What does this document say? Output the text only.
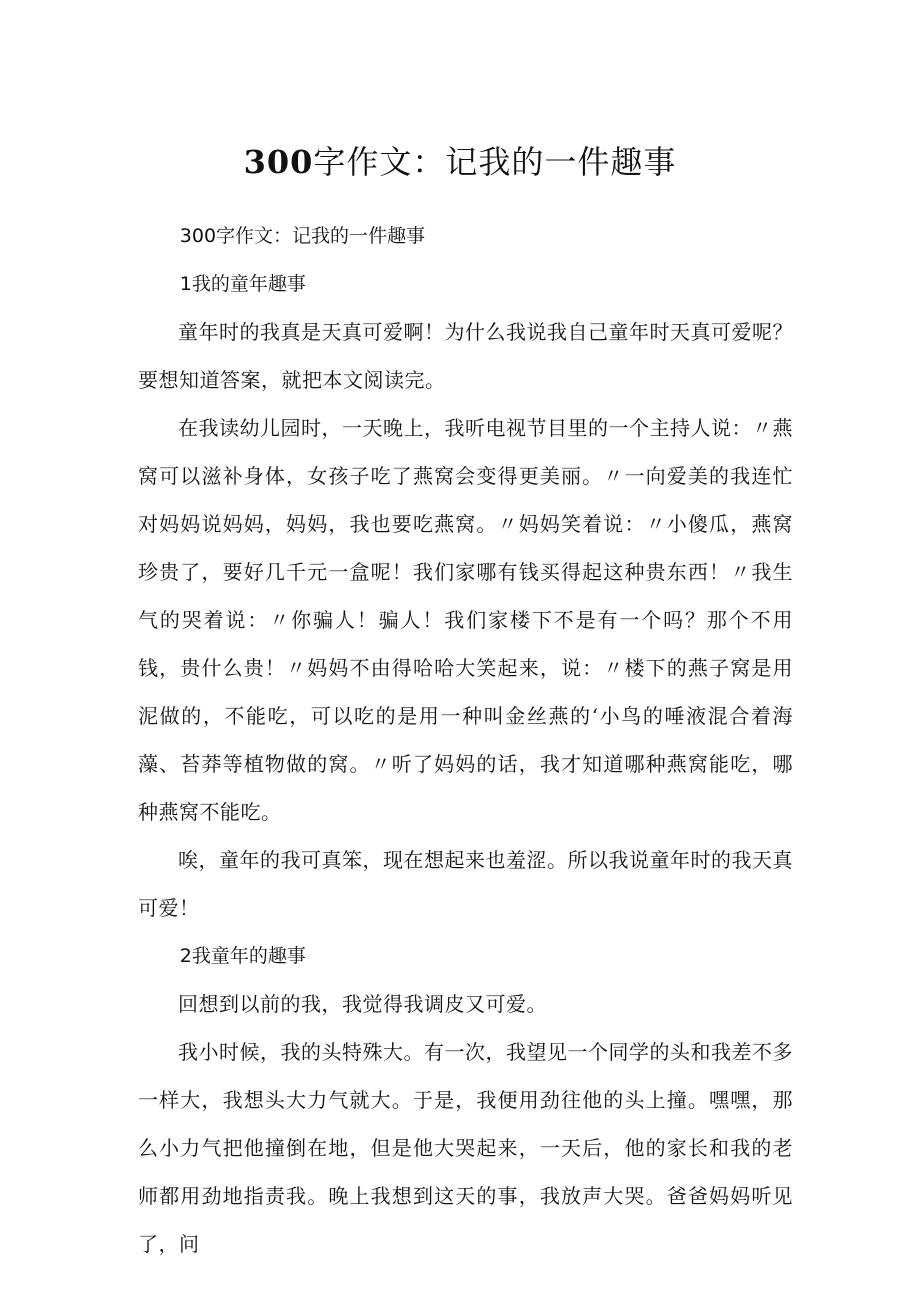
300字作文：记我的一件趣事

300字作文：记我的一件趣事

1我的童年趣事

童年时的我真是天真可爱啊！为什么我说我自己童年时天真可爱呢？要想知道答案，就把本文阅读完。

在我读幼儿园时，一天晚上，我听电视节目里的一个主持人说：〃燕窝可以滋补身体，女孩子吃了燕窝会变得更美丽。〃一向爱美的我连忙对妈妈说妈妈，妈妈，我也要吃燕窝。〃妈妈笑着说：〃小傻瓜，燕窝珍贵了，要好几千元一盒呢！我们家哪有钱买得起这种贵东西！〃我生气的哭着说：〃你骗人！骗人！我们家楼下不是有一个吗？那个不用钱，贵什么贵！〃妈妈不由得哈哈大笑起来，说：〃楼下的燕子窝是用泥做的，不能吃，可以吃的是用一种叫金丝燕的‘小鸟的唾液混合着海藻、苔莽等植物做的窝。〃听了妈妈的话，我才知道哪种燕窝能吃，哪种燕窝不能吃。

唉，童年的我可真笨，现在想起来也羞涩。所以我说童年时的我天真可爱！

2我童年的趣事

回想到以前的我，我觉得我调皮又可爱。

我小时候，我的头特殊大。有一次，我望见一个同学的头和我差不多一样大，我想头大力气就大。于是，我便用劲往他的头上撞。嘿嘿，那么小力气把他撞倒在地，但是他大哭起来，一天后，他的家长和我的老师都用劲地指责我。晚上我想到这天的事，我放声大哭。爸爸妈妈听见了，问
